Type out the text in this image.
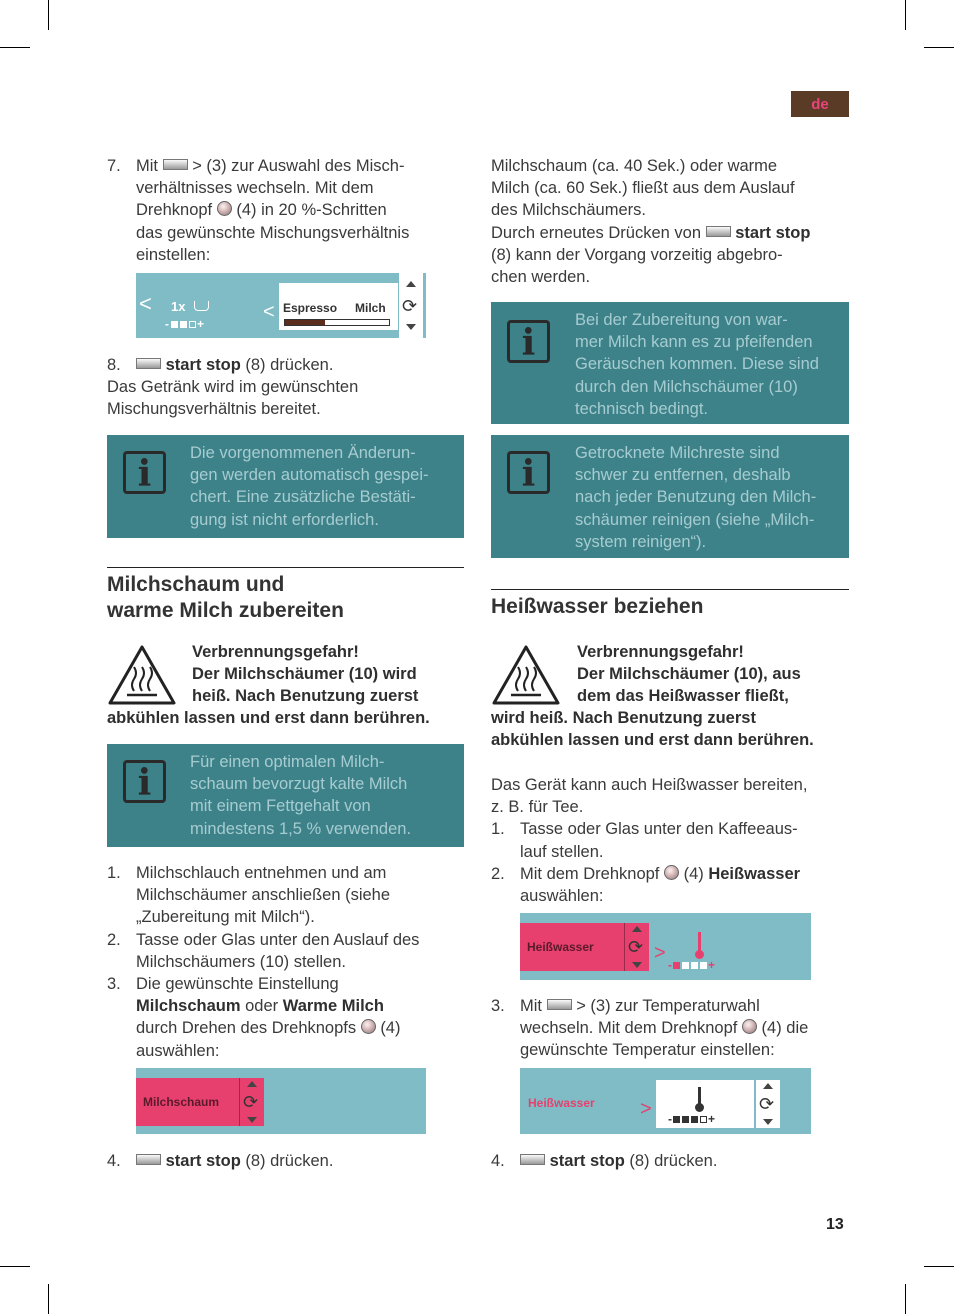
de
7. Mit > (3) zur Auswahl des Misch-
verhältnisses wechseln. Mit dem
Drehknopf (4) in 20 %-Schritten
das gewünschte Mischungsverhältnis
einstellen:
< 1x
- +
< Espresso Milch ⟳
8.	start stop (8) drücken.
Das Getränk wird im gewünschten
Mischungsverhältnis bereitet.
i	Die vorgenommenen Änderun-
gen werden automatisch gespei-
chert. Eine zusätzliche Bestäti-
gung ist nicht erforderlich.
Milchschaum und
warme Milch zubereiten
Verbrennungsgefahr!
Der Milchschäumer (10) wird
heiß. Nach Benutzung zuerst
abkühlen lassen und erst dann berühren.
i	Für einen optimalen Milch-
schaum bevorzugt kalte Milch
mit einem Fettgehalt von
mindestens 1,5 % verwenden.
1. Milchschlauch entnehmen und am
Milchschäumer anschließen (siehe
„Zubereitung mit Milch“).
2. Tasse oder Glas unter den Auslauf des
Milchschäumers (10) stellen.
3. Die gewünschte Einstellung
Milchschaum oder Warme Milch
durch Drehen des Drehknopfs (4)
auswählen:
Milchschaum ⟳
4.	start stop (8) drücken.
Milchschaum (ca. 40 Sek.) oder warme
Milch (ca. 60 Sek.) fließt aus dem Auslauf
des Milchschäumers.
Durch erneutes Drücken von start stop
(8) kann der Vorgang vorzeitig abgebro-
chen werden.
i
Bei der Zubereitung von war-
mer Milch kann es zu pfeifenden
Geräuschen kommen. Diese sind
durch den Milchschäumer (10)
technisch bedingt.
i	Getrocknete Milchreste sind
schwer zu entfernen, deshalb
nach jeder Benutzung den Milch-
schäumer reinigen (siehe „Milch-
system reinigen“).
Heißwasser beziehen
Verbrennungsgefahr!
Der Milchschäumer (10), aus
dem das Heißwasser fließt,
wird heiß. Nach Benutzung zuerst
abkühlen lassen und erst dann berühren.
Das Gerät kann auch Heißwasser bereiten,
z. B. für Tee.
1. Tasse oder Glas unter den Kaffeeaus-
lauf stellen.
2. Mit dem Drehknopf (4) Heißwasser
auswählen:
Heißwasser ⟳ >
-	+
3. Mit > (3) zur Temperaturwahl
wechseln. Mit dem Drehknopf (4) die
gewünschte Temperatur einstellen:
Heißwasser > -	+
⟳
4.	start stop (8) drücken.
13
